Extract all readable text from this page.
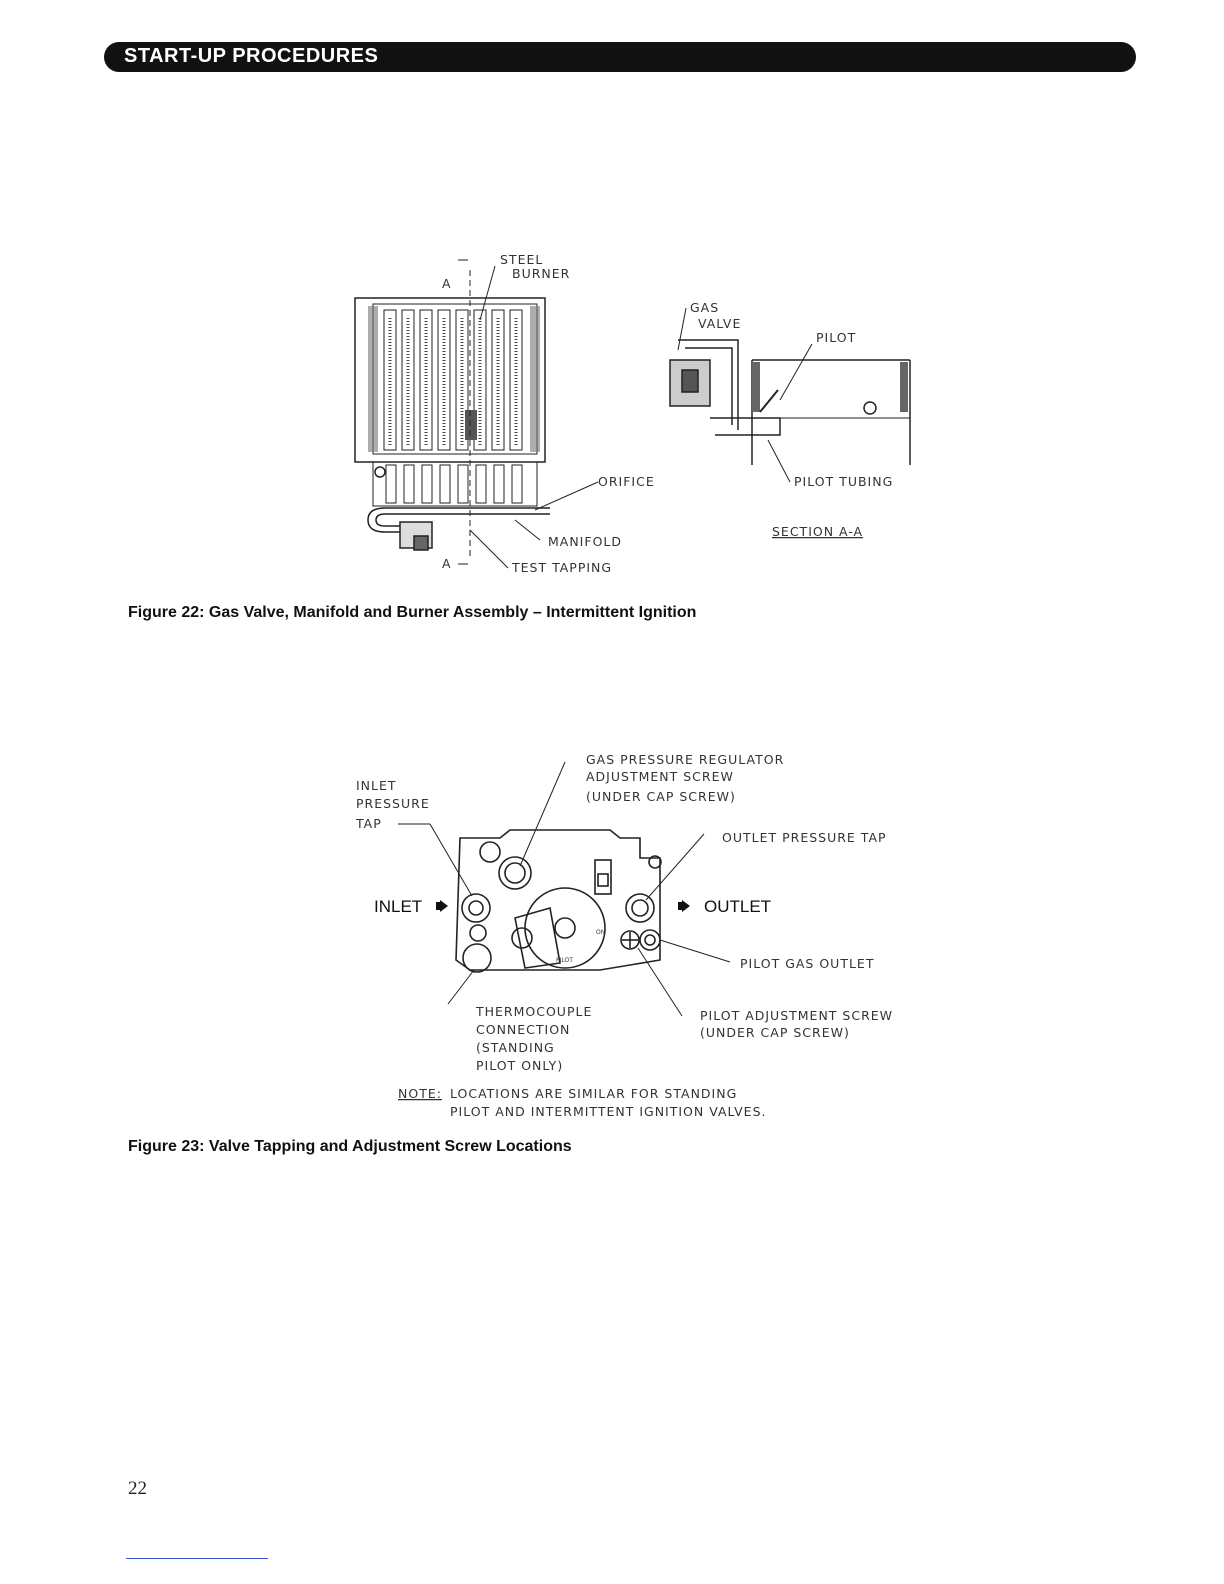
START-UP PROCEDURES
STEEL
BURNER
A
GAS
VALVE
PILOT
ORIFICE	PILOT TUBING
SECTION A-A
MANIFOLD
A	TEST TAPPING
Figure 22: Gas Valve, Manifold and Burner Assembly – Intermittent Ignition
GAS PRESSURE REGULATOR
ADJUSTMENT SCREW
(UNDER CAP SCREW)
INLET
PRESSURE
TAP
OUTLET PRESSURE TAP
INLET	OUTLET
PILOT GAS OUTLET
THERMOCOUPLE
CONNECTION
(STANDING
PILOT ONLY)
PILOT ADJUSTMENT SCREW
(UNDER CAP SCREW)
ON
PILOT
NOTE: LOCATIONS ARE SIMILAR FOR STANDING
PILOT AND INTERMITTENT IGNITION VALVES.
Figure 23: Valve Tapping and Adjustment Screw Locations
22
